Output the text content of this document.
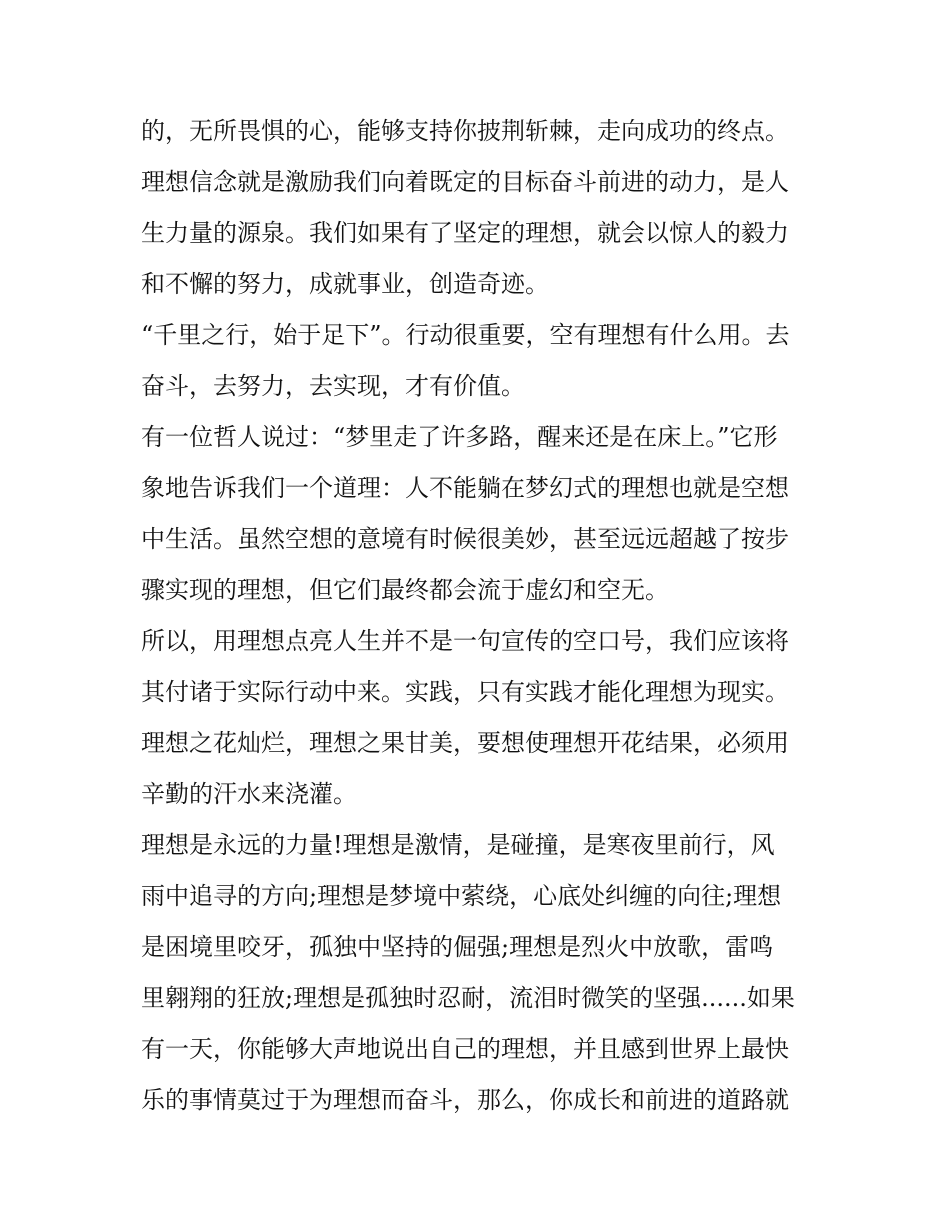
的，无所畏惧的心，能够支持你披荆斩棘，走向成功的终点。
理想信念就是激励我们向着既定的目标奋斗前进的动力，是人
生力量的源泉。我们如果有了坚定的理想，就会以惊人的毅力
和不懈的努力，成就事业，创造奇迹。
“千里之行，始于足下”。行动很重要，空有理想有什么用。去
奋斗，去努力，去实现，才有价值。
有一位哲人说过：“梦里走了许多路，醒来还是在床上。”它形
象地告诉我们一个道理：人不能躺在梦幻式的理想也就是空想
中生活。虽然空想的意境有时候很美妙，甚至远远超越了按步
骤实现的理想，但它们最终都会流于虚幻和空无。
所以，用理想点亮人生并不是一句宣传的空口号，我们应该将
其付诸于实际行动中来。实践，只有实践才能化理想为现实。
理想之花灿烂，理想之果甘美，要想使理想开花结果，必须用
辛勤的汗水来浇灌。
理想是永远的力量!理想是激情，是碰撞，是寒夜里前行，风
雨中追寻的方向;理想是梦境中萦绕，心底处纠缠的向往;理想
是困境里咬牙，孤独中坚持的倔强;理想是烈火中放歌，雷鸣
里翱翔的狂放;理想是孤独时忍耐，流泪时微笑的坚强......如果
有一天，你能够大声地说出自己的理想，并且感到世界上最快
乐的事情莫过于为理想而奋斗，那么，你成长和前进的道路就
